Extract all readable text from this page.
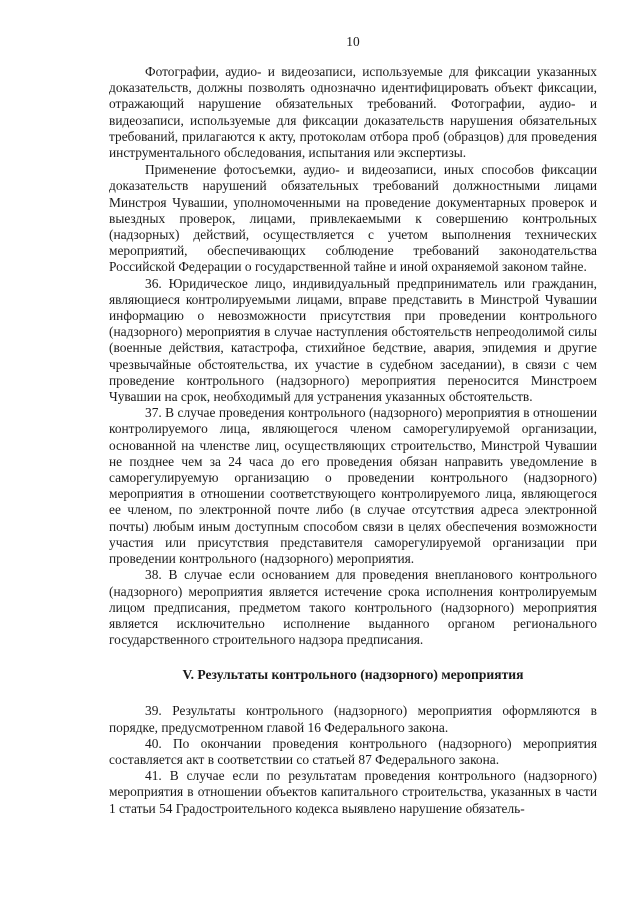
10

Фотографии, аудио- и видеозаписи, используемые для фиксации указанных доказательств, должны позволять однозначно идентифицировать объект фиксации, отражающий нарушение обязательных требований. Фотографии, аудио- и видеозаписи, используемые для фиксации доказательств нарушения обязательных требований, прилагаются к акту, протоколам отбора проб (образцов) для проведения инструментального обследования, испытания или экспертизы.

Применение фотосъемки, аудио- и видеозаписи, иных способов фиксации доказательств нарушений обязательных требований должностными лицами Минстроя Чувашии, уполномоченными на проведение документарных проверок и выездных проверок, лицами, привлекаемыми к совершению контрольных (надзорных) действий, осуществляется с учетом выполнения технических мероприятий, обеспечивающих соблюдение требований законодательства Российской Федерации о государственной тайне и иной охраняемой законом тайне.

36. Юридическое лицо, индивидуальный предприниматель или гражданин, являющиеся контролируемыми лицами, вправе представить в Минстрой Чувашии информацию о невозможности присутствия при проведении контрольного (надзорного) мероприятия в случае наступления обстоятельств непреодолимой силы (военные действия, катастрофа, стихийное бедствие, авария, эпидемия и другие чрезвычайные обстоятельства, их участие в судебном заседании), в связи с чем проведение контрольного (надзорного) мероприятия переносится Минстроем Чувашии на срок, необходимый для устранения указанных обстоятельств.

37. В случае проведения контрольного (надзорного) мероприятия в отношении контролируемого лица, являющегося членом саморегулируемой организации, основанной на членстве лиц, осуществляющих строительство, Минстрой Чувашии не позднее чем за 24 часа до его проведения обязан направить уведомление в саморегулируемую организацию о проведении контрольного (надзорного) мероприятия в отношении соответствующего контролируемого лица, являющегося ее членом, по электронной почте либо (в случае отсутствия адреса электронной почты) любым иным доступным способом связи в целях обеспечения возможности участия или присутствия представителя саморегулируемой организации при проведении контрольного (надзорного) мероприятия.

38. В случае если основанием для проведения внепланового контрольного (надзорного) мероприятия является истечение срока исполнения контролируемым лицом предписания, предметом такого контрольного (надзорного) мероприятия является исключительно исполнение выданного органом регионального государственного строительного надзора предписания.

V. Результаты контрольного (надзорного) мероприятия

39. Результаты контрольного (надзорного) мероприятия оформляются в порядке, предусмотренном главой 16 Федерального закона.

40. По окончании проведения контрольного (надзорного) мероприятия составляется акт в соответствии со статьей 87 Федерального закона.

41. В случае если по результатам проведения контрольного (надзорного) мероприятия в отношении объектов капитального строительства, указанных в части 1 статьи 54 Градостроительного кодекса выявлено нарушение обязатель-
